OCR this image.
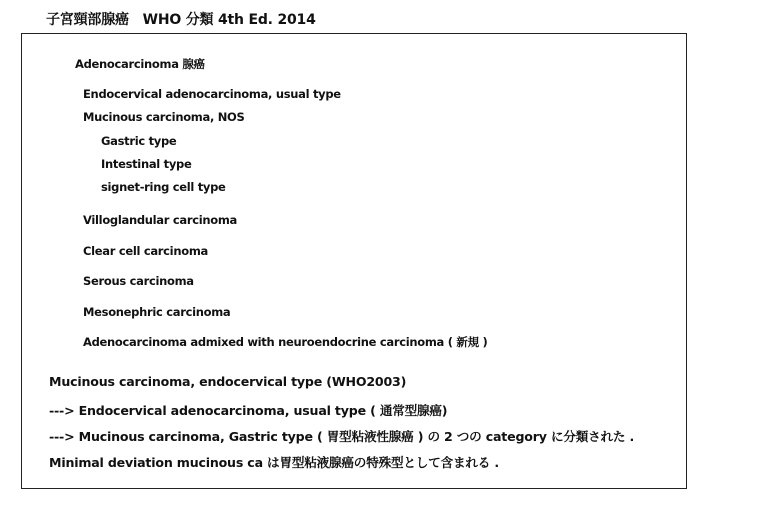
子宮頸部腺癌　WHO 分類 4th Ed. 2014
Adenocarcinoma 腺癌
Endocervical adenocarcinoma, usual type
Mucinous carcinoma, NOS
Gastric type
Intestinal type
signet-ring cell type
Villoglandular carcinoma
Clear cell carcinoma
Serous carcinoma
Mesonephric carcinoma
Adenocarcinoma admixed with neuroendocrine carcinoma ( 新規 )
Mucinous carcinoma, endocervical type (WHO2003)
---> Endocervical adenocarcinoma, usual type ( 通常型腺癌)
---> Mucinous carcinoma, Gastric type ( 胃型粘液性腺癌 ) の 2 つの category に分類された .
Minimal deviation mucinous ca は胃型粘液腺癌の特殊型として含まれる .
